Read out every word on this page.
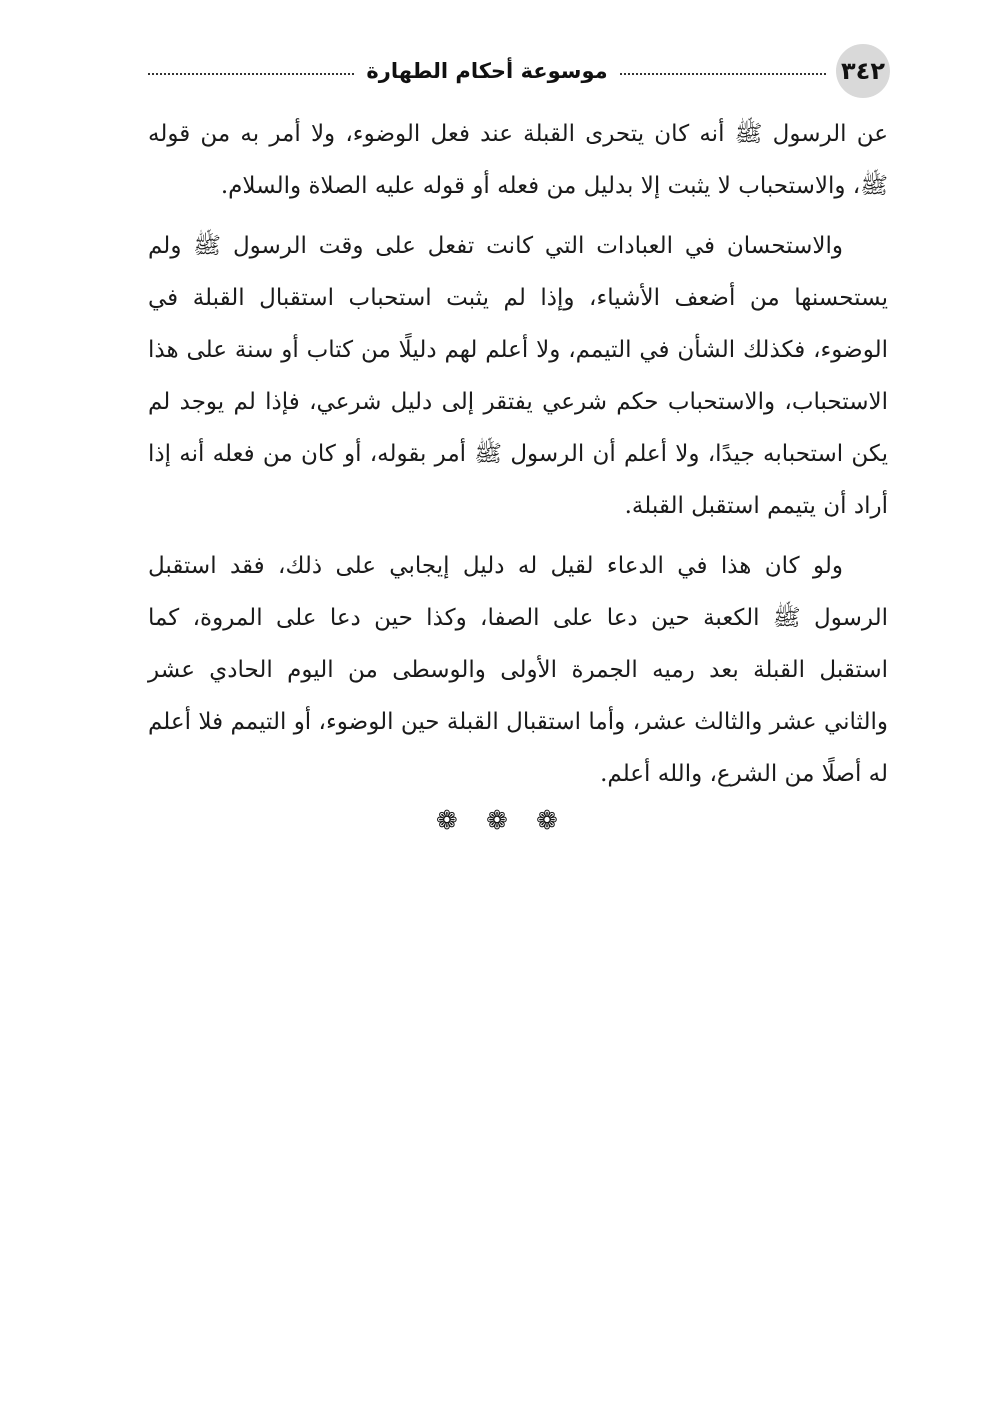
٣٤٢
موسوعة أحكام الطهارة

عن الرسول ﷺ أنه كان يتحرى القبلة عند فعل الوضوء، ولا أمر به من قوله ﷺ، والاستحباب لا يثبت إلا بدليل من فعله أو قوله عليه الصلاة والسلام.

والاستحسان في العبادات التي كانت تفعل على وقت الرسول ﷺ ولم يستحسنها من أضعف الأشياء، وإذا لم يثبت استحباب استقبال القبلة في الوضوء، فكذلك الشأن في التيمم، ولا أعلم لهم دليلًا من كتاب أو سنة على هذا الاستحباب، والاستحباب حكم شرعي يفتقر إلى دليل شرعي، فإذا لم يوجد لم يكن استحبابه جيدًا، ولا أعلم أن الرسول ﷺ أمر بقوله، أو كان من فعله أنه إذا أراد أن يتيمم استقبل القبلة.

ولو كان هذا في الدعاء لقيل له دليل إيجابي على ذلك، فقد استقبل الرسول ﷺ الكعبة حين دعا على الصفا، وكذا حين دعا على المروة، كما استقبل القبلة بعد رميه الجمرة الأولى والوسطى من اليوم الحادي عشر والثاني عشر والثالث عشر، وأما استقبال القبلة حين الوضوء، أو التيمم فلا أعلم له أصلًا من الشرع، والله أعلم.

❁ ❁ ❁
